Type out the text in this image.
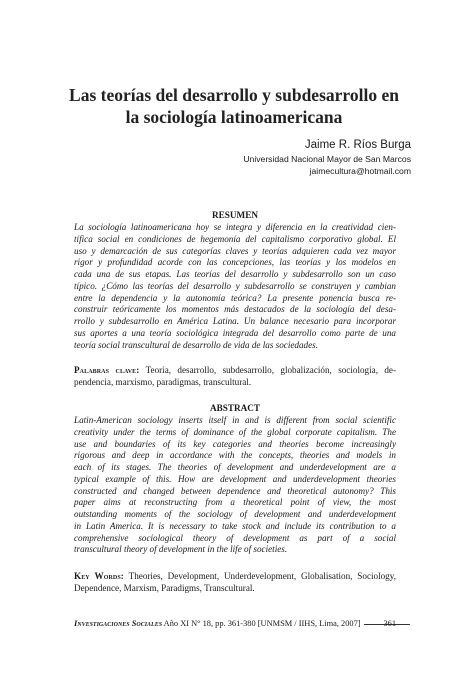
Las teorías del desarrollo y subdesarrollo en
la sociología latinoamericana
Jaime R. Ríos Burga
Universidad Nacional Mayor de San Marcos
jaimecultura@hotmail.com
RESUMEN
La sociología latinoamericana hoy se integra y diferencia en la creatividad cien-
tífica social en condiciones de hegemonía del capitalismo corporativo global. El
uso y demarcación de sus categorías claves y teorías adquieren cada vez mayor
rigor y profundidad acorde con las concepciones, las teorías y los modelos en
cada una de sus etapas. Las teorías del desarrollo y subdesarrollo son un caso
típico. ¿Cómo las teorías del desarrollo y subdesarrollo se construyen y cambian
entre la dependencia y la autonomía teórica? La presente ponencia busca re-
construir teóricamente los momentos más destacados de la sociología del desa-
rrollo y subdesarrollo en América Latina. Un balance necesario para incorporar
sus aportes a una teoría sociológica integrada del desarrollo como parte de una
teoría social transcultural de desarrollo de vida de las sociedades.
Palabras clave: Teoría, desarrollo, subdesarrollo, globalización, sociología, de-
pendencia, marxismo, paradigmas, transcultural.
ABSTRACT
Latin-American sociology inserts itself in and is different from social scientific
creativity under the terms of dominance of the global corporate capitalism. The
use and boundaries of its key categories and theories become increasingly
rigorous and deep in accordance with the concepts, theories and models in
each of its stages. The theories of development and underdevelopment are a
typical example of this. How are development and underdevelopment theories
constructed and changed between dependence and theoretical autonomy? This
paper aims at reconstructing from a theoretical point of view, the most
outstanding moments of the sociology of development and underdevelopment
in Latin America. It is necessary to take stock and include its contribution to a
comprehensive sociological theory of development as part of a social
transcultural theory of development in the life of societies.
Key Words: Theories, Development, Underdevelopment, Globalisation, Sociology,
Dependence, Marxism, Paradigms, Transcultural.
Investigaciones Sociales Año XI N° 18, pp. 361-380 [UNMSM / IIHS, Lima, 2007]	361
